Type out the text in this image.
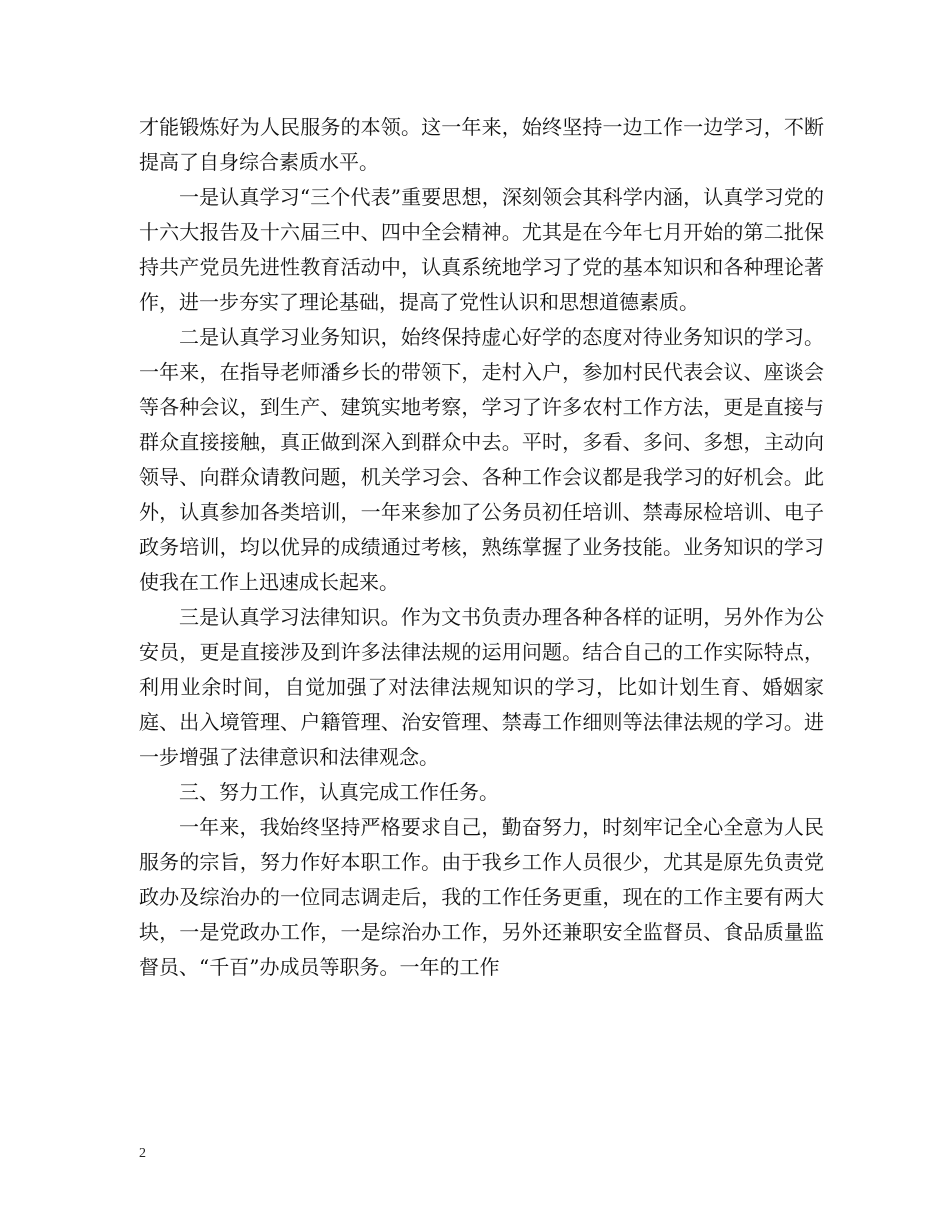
才能锻炼好为人民服务的本领。这一年来，始终坚持一边工作一边学习，不断提高了自身综合素质水平。

一是认真学习“三个代表”重要思想，深刻领会其科学内涵，认真学习党的十六大报告及十六届三中、四中全会精神。尤其是在今年七月开始的第二批保持共产党员先进性教育活动中，认真系统地学习了党的基本知识和各种理论著作，进一步夯实了理论基础，提高了党性认识和思想道德素质。

二是认真学习业务知识，始终保持虚心好学的态度对待业务知识的学习。一年来，在指导老师潘乡长的带领下，走村入户，参加村民代表会议、座谈会等各种会议，到生产、建筑实地考察，学习了许多农村工作方法，更是直接与群众直接接触，真正做到深入到群众中去。平时，多看、多问、多想，主动向领导、向群众请教问题，机关学习会、各种工作会议都是我学习的好机会。此外，认真参加各类培训，一年来参加了公务员初任培训、禁毒尿检培训、电子政务培训，均以优异的成绩通过考核，熟练掌握了业务技能。业务知识的学习使我在工作上迅速成长起来。

三是认真学习法律知识。作为文书负责办理各种各样的证明，另外作为公安员，更是直接涉及到许多法律法规的运用问题。结合自己的工作实际特点，利用业余时间，自觉加强了对法律法规知识的学习，比如计划生育、婚姻家庭、出入境管理、户籍管理、治安管理、禁毒工作细则等法律法规的学习。进一步增强了法律意识和法律观念。

三、努力工作，认真完成工作任务。

一年来，我始终坚持严格要求自己，勤奋努力，时刻牢记全心全意为人民服务的宗旨，努力作好本职工作。由于我乡工作人员很少，尤其是原先负责党政办及综治办的一位同志调走后，我的工作任务更重，现在的工作主要有两大块，一是党政办工作，一是综治办工作，另外还兼职安全监督员、食品质量监督员、“千百”办成员等职务。一年的工作

2
